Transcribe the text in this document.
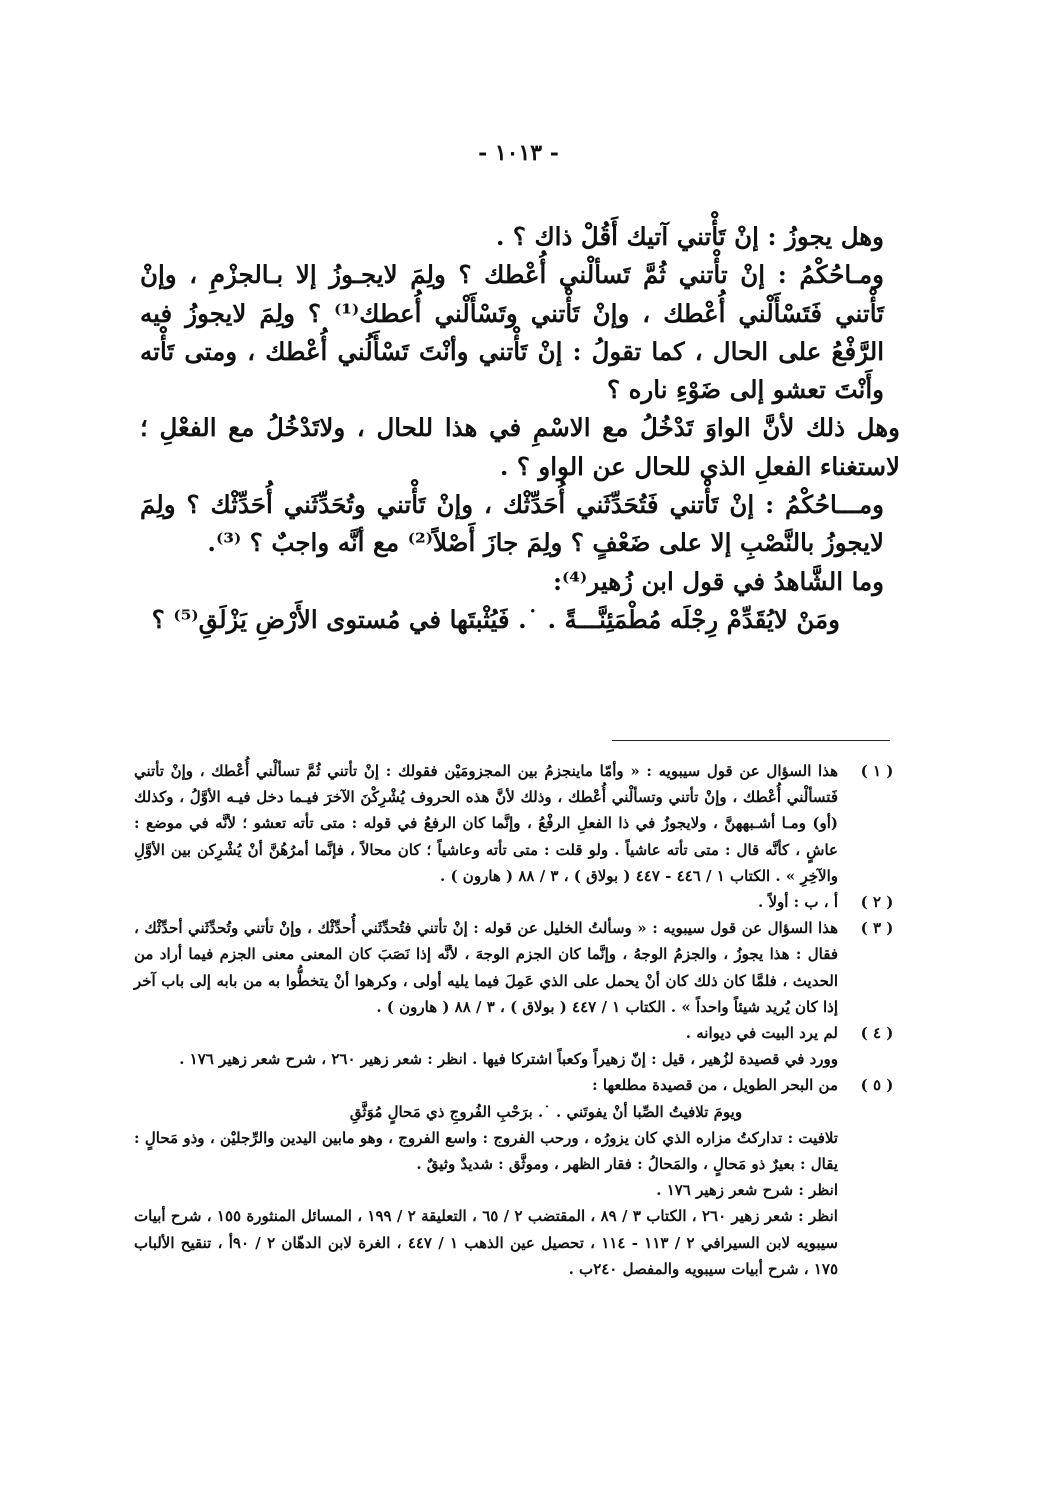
- ١٠١٣ -

وهل يجوزُ : إنْ تَأْتني آتيك أَقُلْ ذاك ؟ .

ومـاحُكْمُ : إنْ تأْتني ثُمَّ تَسألْني أُعْطك ؟ ولِمَ لايجـوزُ إلا بـالجزْمِ ، وإنْ تَأْتني فَتَسْأَلْني أُعْطك ، وإنْ تَأْتني وتَسْأَلْني أُعطك⁽¹⁾ ؟ ولِمَ لايجوزُ فيه الرَّفْعُ على الحال ، كما تقولُ : إنْ تَأْتني وأنْتَ تَسْأَلُني أُعْطك ، ومتى تَأْته وأَنْتَ تعشو إلى ضَوْءِ ناره ؟

وهل ذلك لأنَّ الواوَ تَدْخُلُ مع الاسْمِ في هذا للحال ، ولاتَدْخُلُ مع الفعْلِ ؛ لاستغناء الفعلِ الذي للحال عن الواو ؟ .

ومـــاحُكْمُ : إنْ تَأْتني فَتُحَدِّثَني أُحَدِّثْك ، وإنْ تَأْتني وتُحَدِّثَني أُحَدِّثْك ؟ ولِمَ لايجوزُ بالنَّصْبِ إلا على ضَعْفٍ ؟ ولِمَ جازَ أَصْلاً⁽²⁾ مع أنَّه واجبٌ ؟ ⁽³⁾.

وما الشَّاهدُ في قول ابن زُهير⁽⁴⁾:

ومَنْ لايُقَدِّمْ رِجْلَه مُطْمَئِنَّـــةً . ˙. فَيُثْبتَها في مُستوى الأَرْضِ يَزْلَقِ⁽⁵⁾ ؟

( ١ )

هذا السؤال عن قول سيبويه : « وأمّا ماينجزمُ بين المجزومَيْن فقولك : إنْ تأتني ثُمَّ تسألْني أُعْطك ، وإنْ تأتني فَتسألْني أُعْطك ، وإنْ تأتني وتسألْني أُعْطك ، وذلك لأنَّ هذه الحروف يُشْرِكْنَ الآخرَ فيـما دخل فيـه الأوَّلُ ، وكذلك (أو) ومـا أشـبههنَّ ، ولايجوزُ في ذا الفعلِ الرفْعُ ، وإنَّما كان الرفعُ في قوله : متى تأته تعشو ؛ لأنَّه في موضع : عاشٍ ، كأنَّه قال : متى تأته عاشياً . ولو قلت : متى تأته وعاشياً ؛ كان محالاً ، فإنَّما أمرُهُنَّ أنْ يُشْرِكن بين الأوَّلِ والآخِرِ » . الكتاب ١ / ٤٤٦ - ٤٤٧ ( بولاق ) ، ٣ / ٨٨ ( هارون ) .

( ٢ )

أ ، ب : أولاً .

( ٣ )

هذا السؤال عن قول سيبويه : « وسألتُ الخليل عن قوله : إنْ تأتني فتُحدِّثَني أُحدِّثْك ، وإنْ تأتني وتُحدِّثَني أحدِّثْك ، فقال : هذا يجوزُ ، والجزمُ الوجهُ ، وإنَّما كان الجزم الوجهَ ، لأنَّه إذا نَصَبَ كان المعنى معنى الجزم فيما أراد من الحديث ، فلمَّا كان ذلك كان أنْ يحمل على الذي عَمِلَ فيما يليه أولى ، وكرهوا أنْ يتخطُّوا به من بابه إلى باب آخر إذا كان يُريد شيئاً واحداً » . الكتاب ١ / ٤٤٧ ( بولاق ) ، ٣ / ٨٨ ( هارون ) .

( ٤ )

لم يرد البيت في ديوانه .

وورد في قصيدة لزُهير ، قيل : إنّ زهيراً وكعباً اشتركا فيها . انظر : شعر زهير ٢٦٠ ، شرح شعر زهير ١٧٦ .

( ٥ )

من البحر الطويل ، من قصيدة مطلعها :

ويومَ تلافيتُ الصِّبا أنْ يفوتَني . ˙. برَحْبِ الفُروجِ ذي مَحالٍ مُوَثَّقِ

تلافيت : تداركتُ مزاره الذي كان يزورُه ، ورحب الفروج : واسع الفروج ، وهو مابين اليدين والرِّجليْن ، وذو مَحالٍ : يقال : بعيرٌ ذو مَحالٍ ، والمَحالُ : فقار الظهر ، وموثَّق : شديدٌ وثيقٌ .

انظر : شرح شعر زهير ١٧٦ .

انظر : شعر زهير ٢٦٠ ، الكتاب ٣ / ٨٩ ، المقتضب ٢ / ٦٥ ، التعليقة ٢ / ١٩٩ ، المسائل المنثورة ١٥٥ ، شرح أبيات سيبويه لابن السيرافي ٢ / ١١٣ - ١١٤ ، تحصيل عين الذهب ١ / ٤٤٧ ، الغرة لابن الدهّان ٢ / ٩٠أ ، تنقيح الألباب ١٧٥ ، شرح أبيات سيبويه والمفصل ٢٤٠ب .
